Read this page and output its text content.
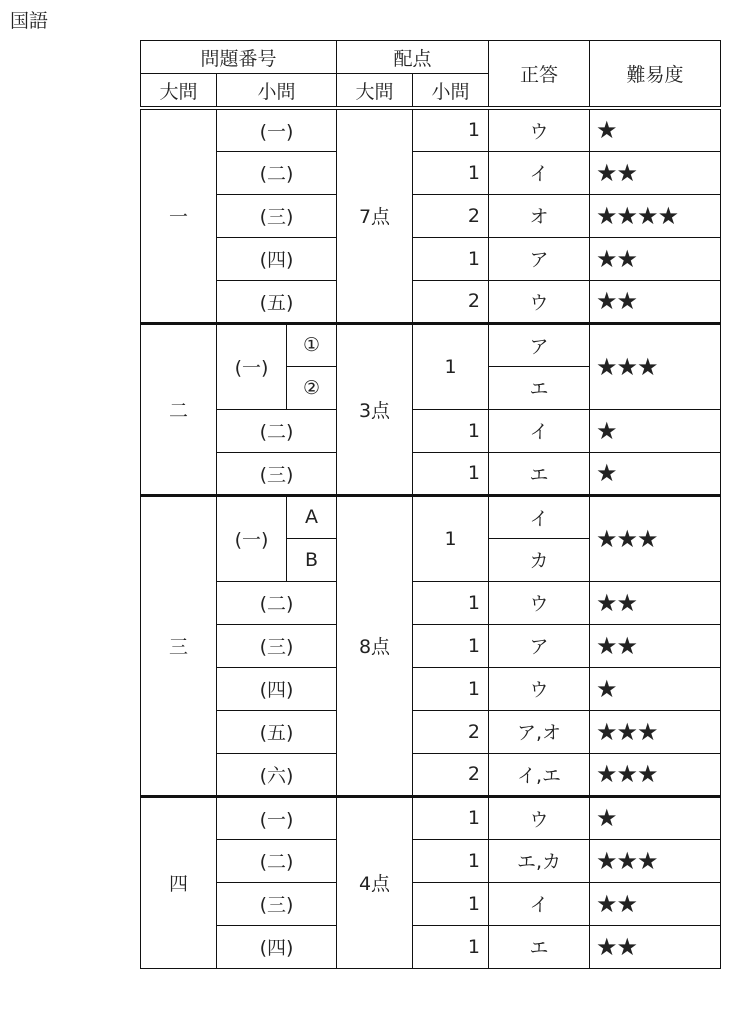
国語
問題番号			配点		正答	難易度
大問	小問		大問	小問		
一	(一)		7点	1	ウ	★
	(二)			1	イ	★★
	(三)			2	オ	★★★★
	(四)			1	ア	★★
	(五)			2	ウ	★★
二	(一)	①	3点	1	ア	★★★
		②			エ	
	(二)			1	イ	★
	(三)			1	エ	★
三	(一)	A	8点	1	イ	★★★
		B			カ	
	(二)			1	ウ	★★
	(三)			1	ア	★★
	(四)			1	ウ	★
	(五)			2	ア,オ	★★★
	(六)			2	イ,エ	★★★
四	(一)		4点	1	ウ	★
	(二)			1	エ,カ	★★★
	(三)			1	イ	★★
	(四)			1	エ	★★
